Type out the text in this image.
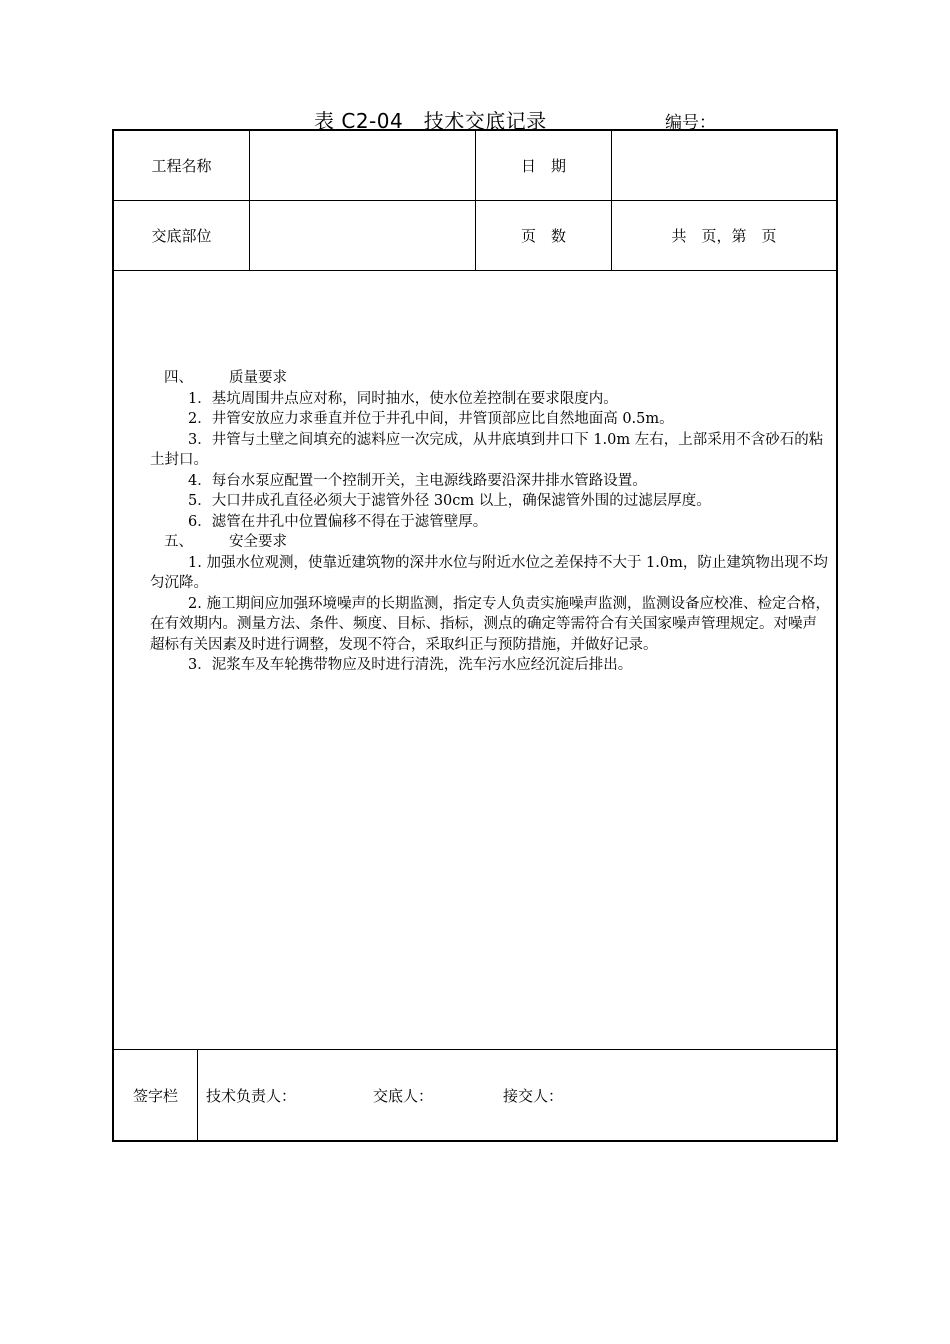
表 C2-04　技术交底记录	编号：
工程名称	日　期
交底部位	页　数	共　页，第　页

四、 质量要求

1．基坑周围井点应对称，同时抽水，使水位差控制在要求限度内。

2．井管安放应力求垂直并位于井孔中间，井管顶部应比自然地面高 0.5m。

3．井管与土壁之间填充的滤料应一次完成，从井底填到井口下 1.0m 左右，上部采用不含砂石的粘土封口。

4．每台水泵应配置一个控制开关，主电源线路要沿深井排水管路设置。

5．大口井成孔直径必须大于滤管外径 30cm 以上，确保滤管外围的过滤层厚度。

6．滤管在井孔中位置偏移不得在于滤管壁厚。

五、 安全要求

1. 加强水位观测，使靠近建筑物的深井水位与附近水位之差保持不大于 1.0m，防止建筑物出现不均匀沉降。

2. 施工期间应加强环境噪声的长期监测，指定专人负责实施噪声监测，监测设备应校准、检定合格，在有效期内。测量方法、条件、频度、目标、指标，测点的确定等需符合有关国家噪声管理规定。对噪声超标有关因素及时进行调整，发现不符合，采取纠正与预防措施，并做好记录。

3．泥浆车及车轮携带物应及时进行清洗，洗车污水应经沉淀后排出。

签字栏	技术负责人：	交底人：	接交人：
